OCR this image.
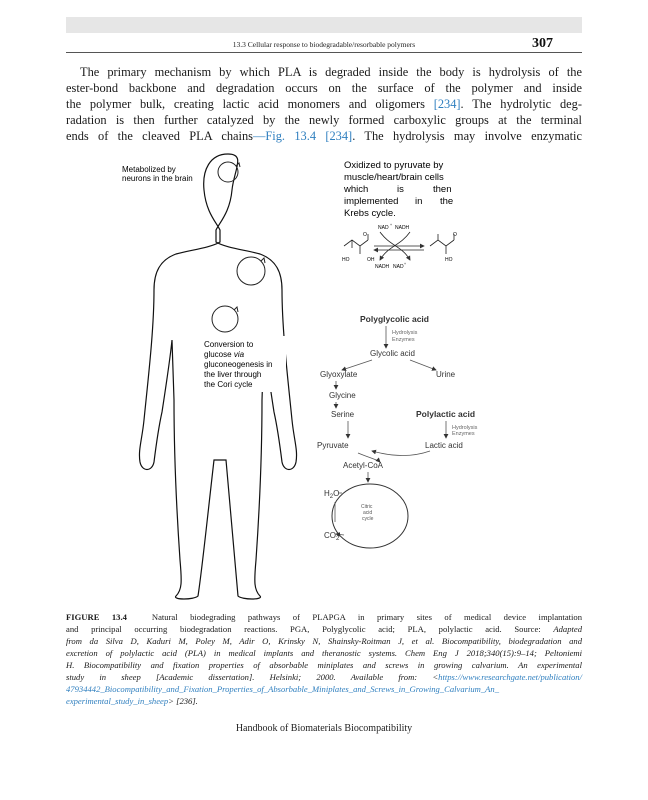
13.3 Cellular response to biodegradable/resorbable polymers	307
The primary mechanism by which PLA is degraded inside the body is hydrolysis of the
ester-bond backbone and degradation occurs on the surface of the polymer and inside
the polymer bulk, creating lactic acid monomers and oligomers [234]. The hydrolytic deg-
radation is then further catalyzed by the newly formed carboxylic groups at the terminal
ends of the cleaved PLA chains—Fig. 13.4 [234]. The hydrolysis may involve enzymatic
Metabolized by
neurons in the brain
Oxidized to pyruvate by
muscle/heart/brain cells
which	is	then
implemented in the
Krebs cycle.
NAD + NADH
NADH NAD +
HO	OH
O	O
HO
Conversion to
glucose via
gluconeogenesis in
the liver through
the Cori cycle
Polyglycolic acid
Hydrolysis
Enzymes
Glycolic acid
Glyoxylate	Urine
Glycine
Serine	Polylactic acid
Hydrolysis
Enzymes
Pyruvate	Lactic acid
Acetyl-CoA
Citric
acid
cycle
$H_2O$
$CO_2$
FIGURE 13.4	Natural biodegrading pathways of PLAPGA in primary sites of medical device implantation
and principal occurring biodegradation reactions. PGA, Polyglycolic acid; PLA, polylactic acid. Source: Adapted
from da Silva D, Kaduri M, Poley M, Adir O, Krinsky N, Shainsky-Roitman J, et al. Biocompatibility, biodegradation and
excretion of polylactic acid (PLA) in medical implants and theranostic systems. Chem Eng J 2018;340(15):9–14; Peltoniemi
H. Biocompatibility and fixation properties of absorbable miniplates and screws in growing calvarium. An experimental
study in sheep [Academic dissertation]. Helsinki; 2000. Available from: <https://www.researchgate.net/publication/
47934442_Biocompatibility_and_Fixation_Properties_of_Absorbable_Miniplates_and_Screws_in_Growing_Calvarium_An_
experimental_study_in_sheep> [236].
Handbook of Biomaterials Biocompatibility
